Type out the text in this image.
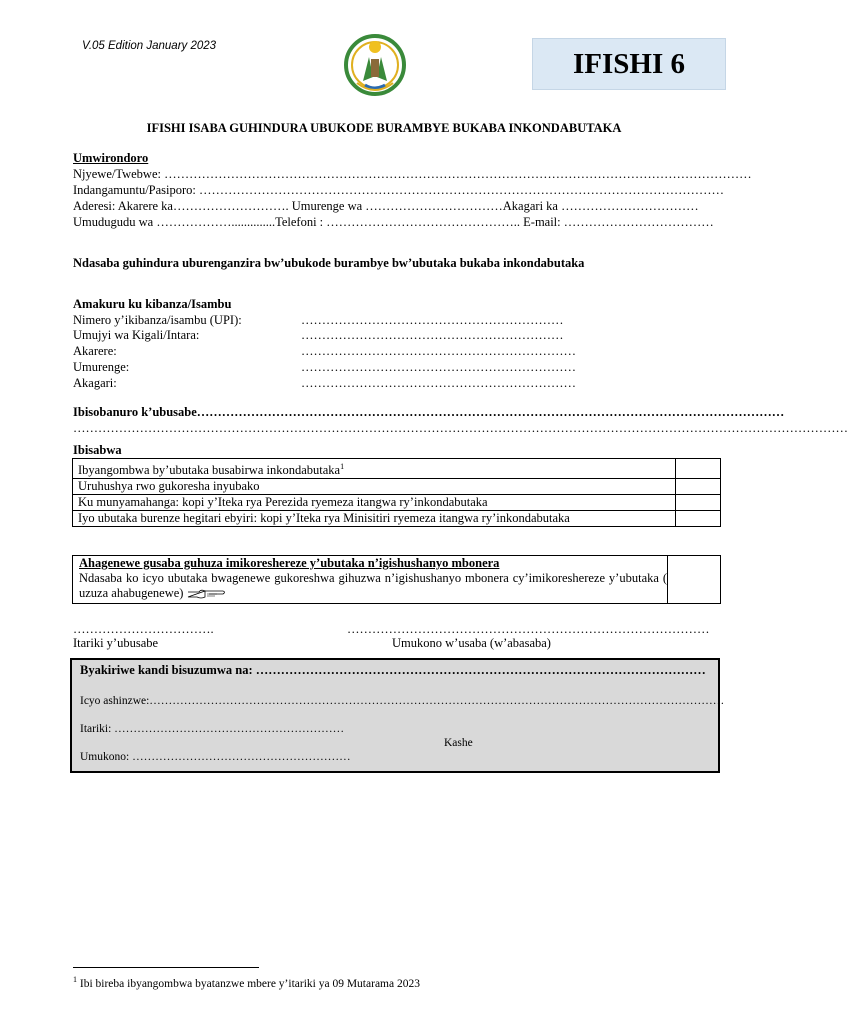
V.05 Edition January 2023
IFISHI 6
IFISHI ISABA GUHINDURA UBUKODE BURAMBYE BUKABA INKONDABUTAKA
Umwirondoro
Njyewe/Twebwe: ……………………………………………………………………………………………………………………………
Indangamuntu/Pasiporo: ………………………………………………………………………………………………………………
Aderesi: Akarere ka………………………. Umurenge wa ……………………………Akagari ka ……………………………
Umudugudu wa ………………..............Telefoni : ……………………………………….. E-mail: ………………………………
Ndasaba guhindura uburenganzira bw’ubukode burambye bw’ubutaka bukaba inkondabutaka
Amakuru ku kibanza/Isambu
Nimero y’ikibanza/isambu (UPI):	………………………………………………………
Umujyi wa Kigali/Intara:	………………………………………………………
Akarere:	…………………………………………………………
Umurenge:	…………………………………………………………
Akagari:	…………………………………………………………
Ibisobanuro k’ubusabe……………………………………………………………………………………………………………………………
……………………………………………………………………………………………………………………………………………………………………
Ibisabwa
Ibyangombwa by’ubutaka busabirwa inkondabutaka$^1$	
Uruhushya rwo gukoresha inyubako	
Ku munyamahanga: kopi y’Iteka rya Perezida ryemeza itangwa ry’inkondabutaka	
Iyo ubutaka burenze hegitari ebyiri: kopi y’Iteka rya Minisitiri ryemeza itangwa ry’inkondabutaka	
Ahagenewe gusaba guhuza imikoreshereze y’ubutaka n’igishushanyo mbonera
Ndasaba ko icyo ubutaka bwagenewe gukoreshwa gihuzwa n’igishushanyo mbonera cy’imikoreshereze y’ubutaka ( uzuza ahabugenewe)
…………………………….
Itariki y’ubusabe
……………………………………………………………………………
Umukono w’usaba (w’abasaba)
Byakiriwe kandi bisuzumwa na: ………………………………………………………………………………………………
Icyo ashinzwe:……………………………………………………………………………………………………………………………………
Itariki: ……………………………………………………
Kashe
Umukono: …………………………………………………
$^1$ Ibi bireba ibyangombwa byatanzwe mbere y’itariki ya 09 Mutarama 2023
